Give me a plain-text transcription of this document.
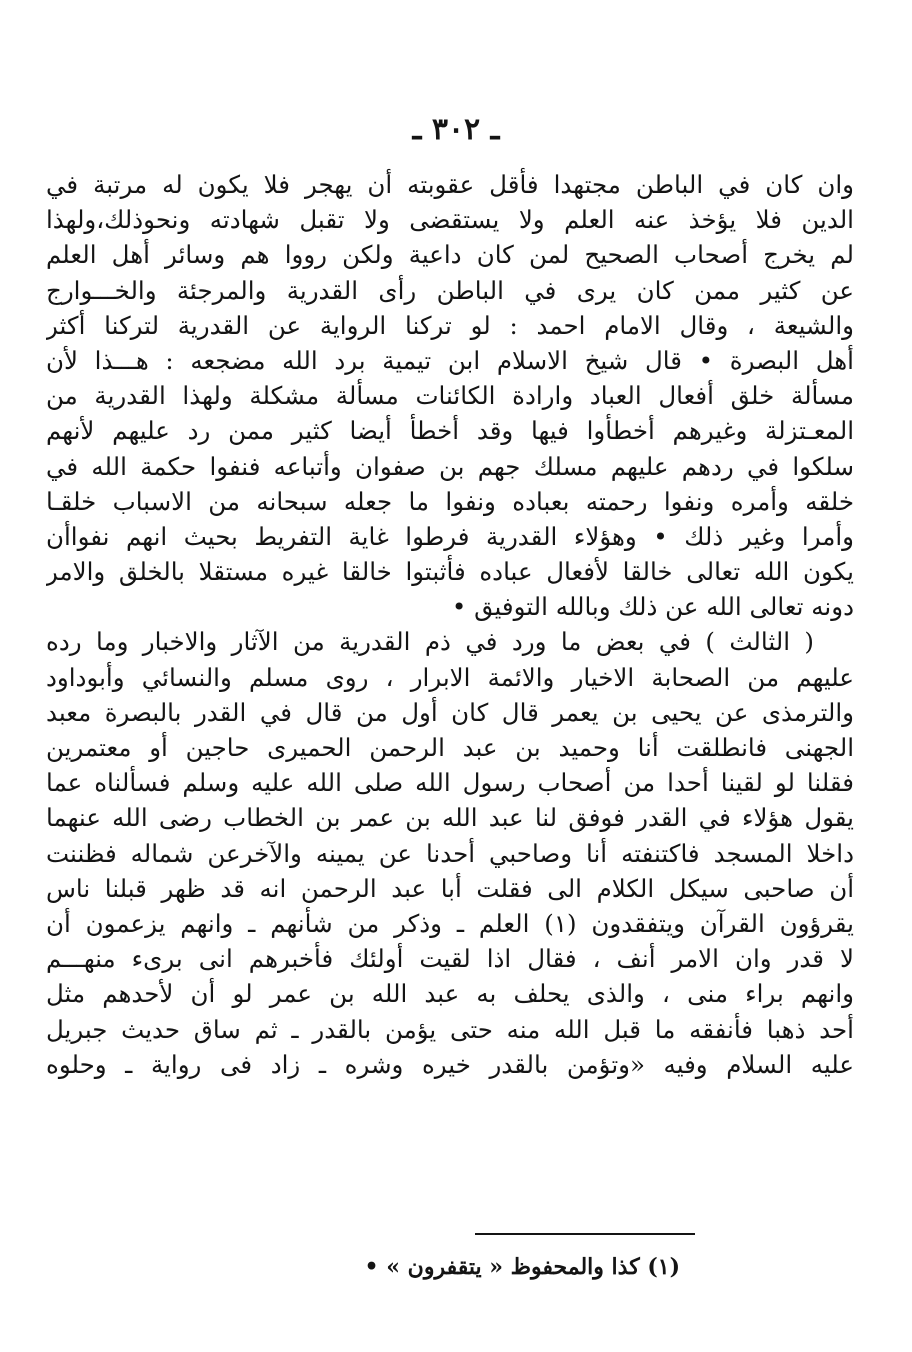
ـ ٣٠٢ ـ
وان كان في الباطن مجتهدا فأقل عقوبته أن يهجر فلا يكون له مرتبة في
الدين فلا يؤخذ عنه العلم ولا يستقضى ولا تقبل شهادته ونحوذلك،ولهذا
لم يخرج أصحاب الصحيح لمن كان داعية ولكن رووا هم وسائر أهل العلم
عن كثير ممن كان يرى في الباطن رأى القدرية والمرجئة والخـــوارج
والشيعة ، وقال الامام احمد : لو تركنا الرواية عن القدرية لتركنا أكثر
أهل البصرة • قال شيخ الاسلام ابن تيمية برد الله مضجعه : هـــذا لأن
مسألة خلق أفعال العباد وارادة الكائنات مسألة مشكلة ولهذا القدرية من
المعـتزلة وغيرهم أخطأوا فيها وقد أخطأ أيضا كثير ممن رد عليهم لأنهم
سلكوا في ردهم عليهم مسلك جهم بن صفوان وأتباعه فنفوا حكمة الله في
خلقه وأمره ونفوا رحمته بعباده ونفوا ما جعله سبحانه من الاسباب خلقـا
وأمرا وغير ذلك • وهؤلاء القدرية فرطوا غاية التفريط بحيث انهم نفواأن
يكون الله تعالى خالقا لأفعال عباده فأثبتوا خالقا غيره مستقلا بالخلق والامر
دونه تعالى الله عن ذلك وبالله التوفيق •
( الثالث ) في بعض ما ورد في ذم القدرية من الآثار والاخبار وما رده
عليهم من الصحابة الاخيار والائمة الابرار ، روى مسلم والنسائي وأبوداود
والترمذى عن يحيى بن يعمر قال كان أول من قال في القدر بالبصرة معبد
الجهنى فانطلقت أنا وحميد بن عبد الرحمن الحميرى حاجين أو معتمرين
فقلنا لو لقينا أحدا من أصحاب رسول الله صلى الله عليه وسلم فسألناه عما
يقول هؤلاء في القدر فوفق لنا عبد الله بن عمر بن الخطاب رضى الله عنهما
داخلا المسجد فاكتنفته أنا وصاحبي أحدنا عن يمينه والآخرعن شماله فظننت
أن صاحبى سيكل الكلام الى فقلت أبا عبد الرحمن انه قد ظهر قبلنا ناس
يقرؤون القرآن ويتفقدون (١) العلم ـ وذكر من شأنهم ـ وانهم يزعمون أن
لا قدر وان الامر أنف ، فقال اذا لقيت أولئك فأخبرهم انى برىء منهـــم
وانهم براء منى ، والذى يحلف به عبد الله بن عمر لو أن لأحدهم مثل
أحد ذهبا فأنفقه ما قبل الله منه حتى يؤمن بالقدر ـ ثم ساق حديث جبريل
عليه السلام وفيه «وتؤمن بالقدر خيره وشره ـ زاد فى رواية ـ وحلوه
(١) كذا والمحفوظ « يتقفرون » •
